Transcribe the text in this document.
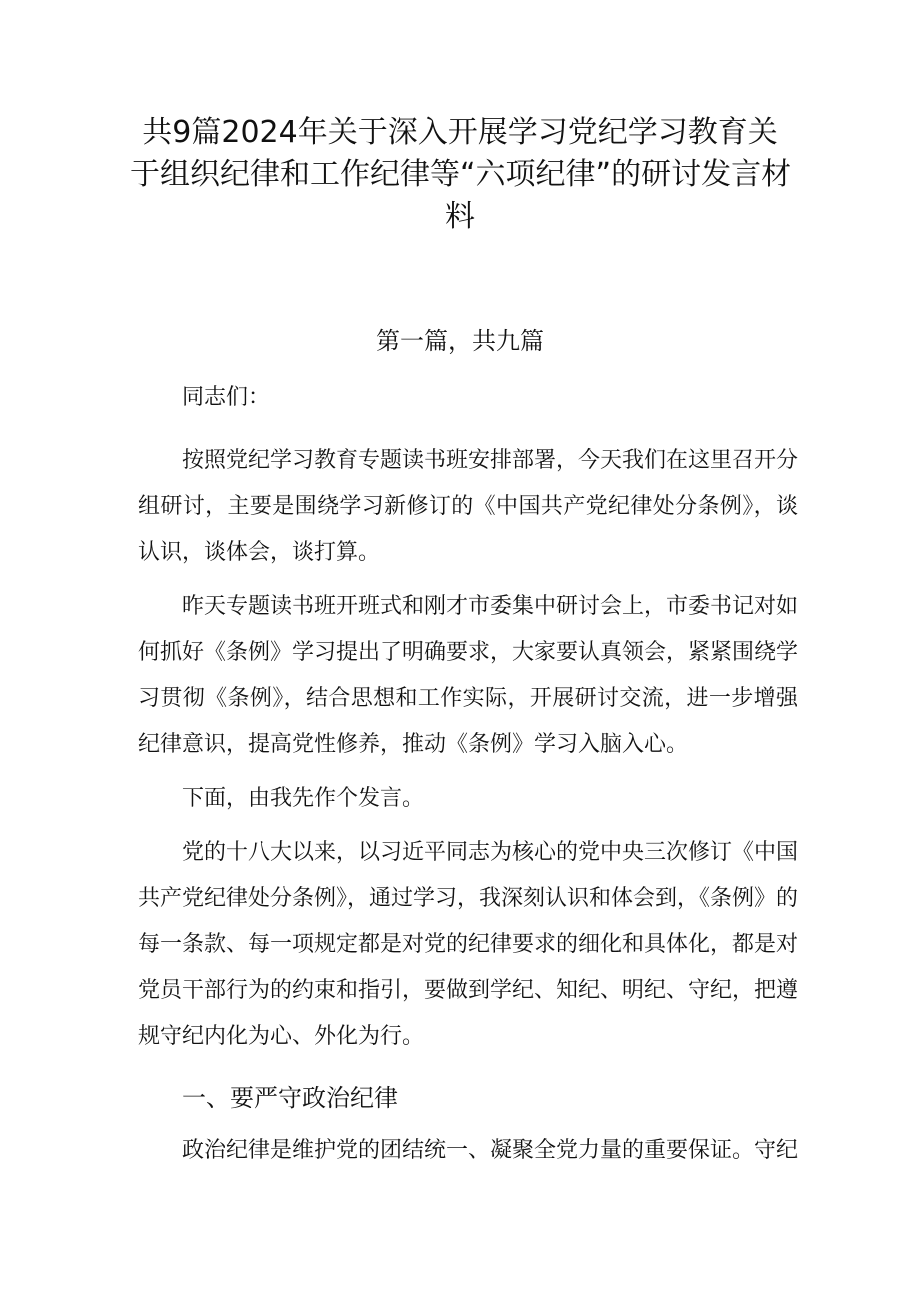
共9篇2024年关于深入开展学习党纪学习教育关
于组织纪律和工作纪律等“六项纪律”的研讨发言材
料

第一篇，共九篇

同志们：

按照党纪学习教育专题读书班安排部署，今天我们在这里召开分组研讨，主要是围绕学习新修订的《中国共产党纪律处分条例》，谈认识，谈体会，谈打算。

昨天专题读书班开班式和刚才市委集中研讨会上，市委书记对如何抓好《条例》学习提出了明确要求，大家要认真领会，紧紧围绕学习贯彻《条例》，结合思想和工作实际，开展研讨交流，进一步增强纪律意识，提高党性修养，推动《条例》学习入脑入心。

下面，由我先作个发言。

党的十八大以来，以习近平同志为核心的党中央三次修订《中国共产党纪律处分条例》，通过学习，我深刻认识和体会到，《条例》的每一条款、每一项规定都是对党的纪律要求的细化和具体化，都是对党员干部行为的约束和指引，要做到学纪、知纪、明纪、守纪，把遵规守纪内化为心、外化为行。

一、要严守政治纪律

政治纪律是维护党的团结统一、凝聚全党力量的重要保证。守纪
